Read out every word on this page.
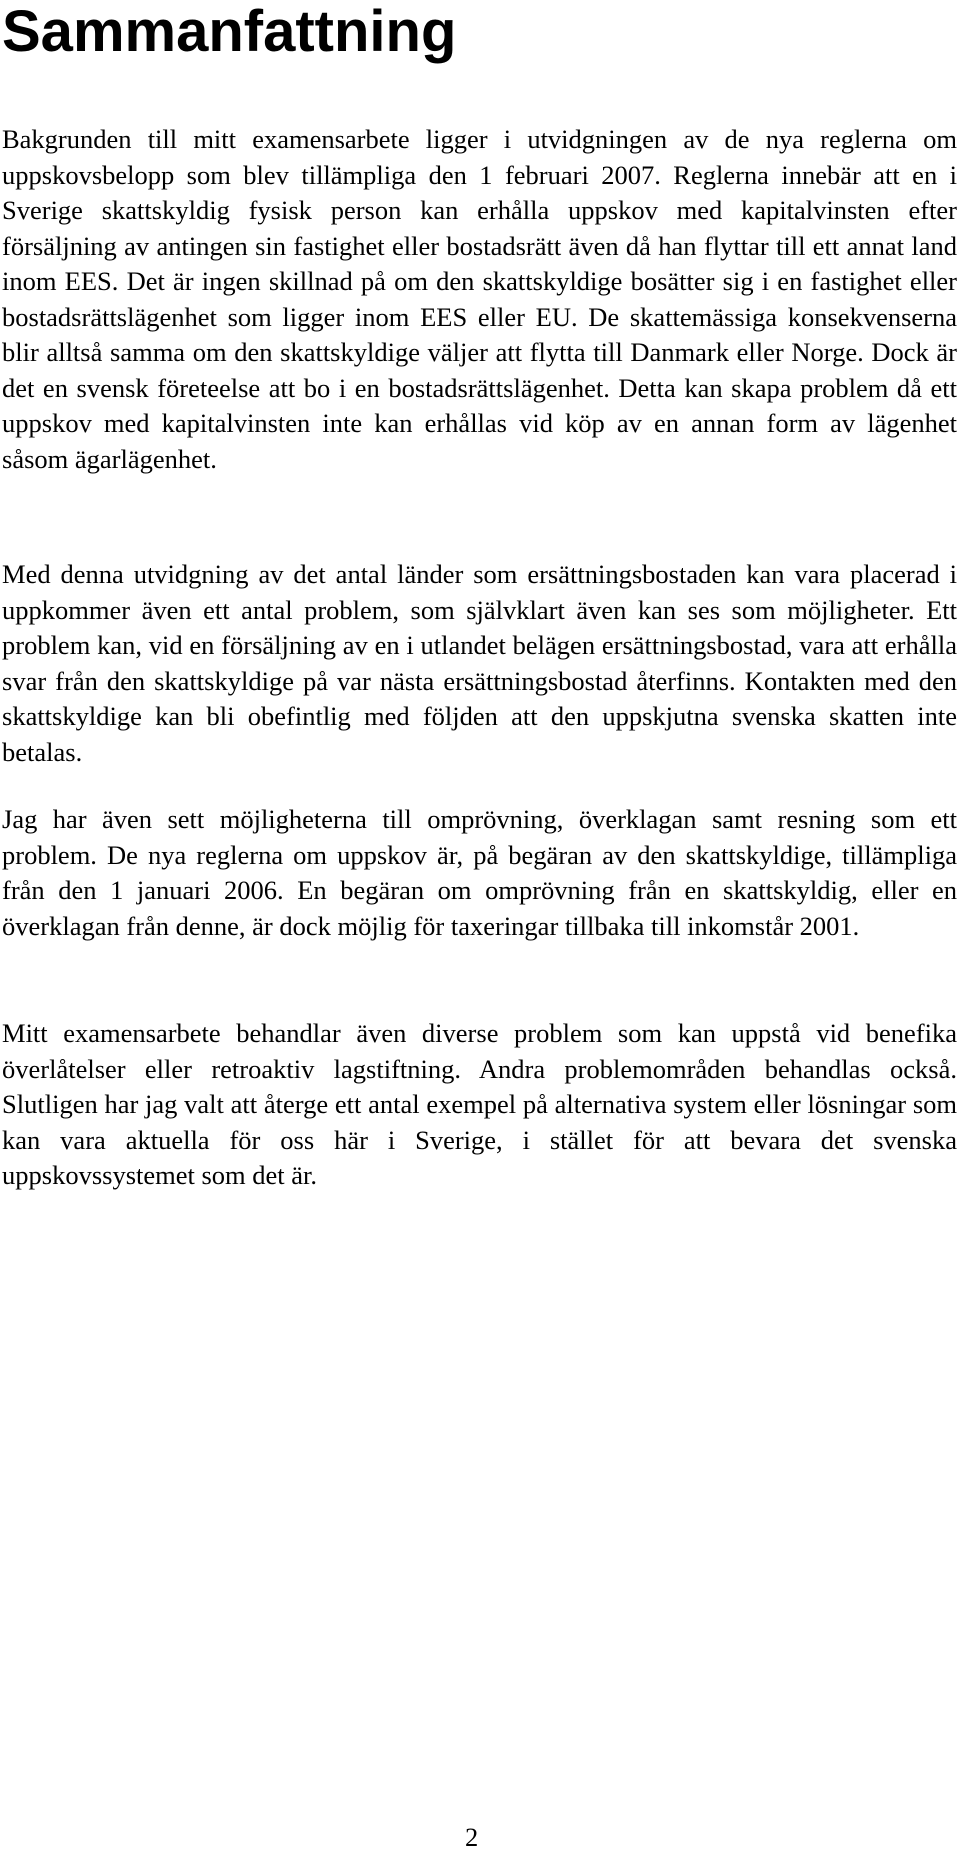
Sammanfattning

Bakgrunden till mitt examensarbete ligger i utvidgningen av de nya reglerna om uppskovsbelopp som blev tillämpliga den 1 februari 2007. Reglerna innebär att en i Sverige skattskyldig fysisk person kan erhålla uppskov med kapitalvinsten efter försäljning av antingen sin fastighet eller bostadsrätt även då han flyttar till ett annat land inom EES. Det är ingen skillnad på om den skattskyldige bosätter sig i en fastighet eller bostadsrättslägenhet som ligger inom EES eller EU. De skattemässiga konsekvenserna blir alltså samma om den skattskyldige väljer att flytta till Danmark eller Norge. Dock är det en svensk företeelse att bo i en bostadsrättslägenhet. Detta kan skapa problem då ett uppskov med kapitalvinsten inte kan erhållas vid köp av en annan form av lägenhet såsom ägarlägenhet.

Med denna utvidgning av det antal länder som ersättningsbostaden kan vara placerad i uppkommer även ett antal problem, som självklart även kan ses som möjligheter. Ett problem kan, vid en försäljning av en i utlandet belägen ersättningsbostad, vara att erhålla svar från den skattskyldige på var nästa ersättningsbostad återfinns. Kontakten med den skattskyldige kan bli obefintlig med följden att den uppskjutna svenska skatten inte betalas.

Jag har även sett möjligheterna till omprövning, överklagan samt resning som ett problem. De nya reglerna om uppskov är, på begäran av den skattskyldige, tillämpliga från den 1 januari 2006. En begäran om omprövning från en skattskyldig, eller en överklagan från denne, är dock möjlig för taxeringar tillbaka till inkomstår 2001.

Mitt examensarbete behandlar även diverse problem som kan uppstå vid benefika överlåtelser eller retroaktiv lagstiftning. Andra problemområden behandlas också. Slutligen har jag valt att återge ett antal exempel på alternativa system eller lösningar som kan vara aktuella för oss här i Sverige, i stället för att bevara det svenska uppskovssystemet som det är.

2
